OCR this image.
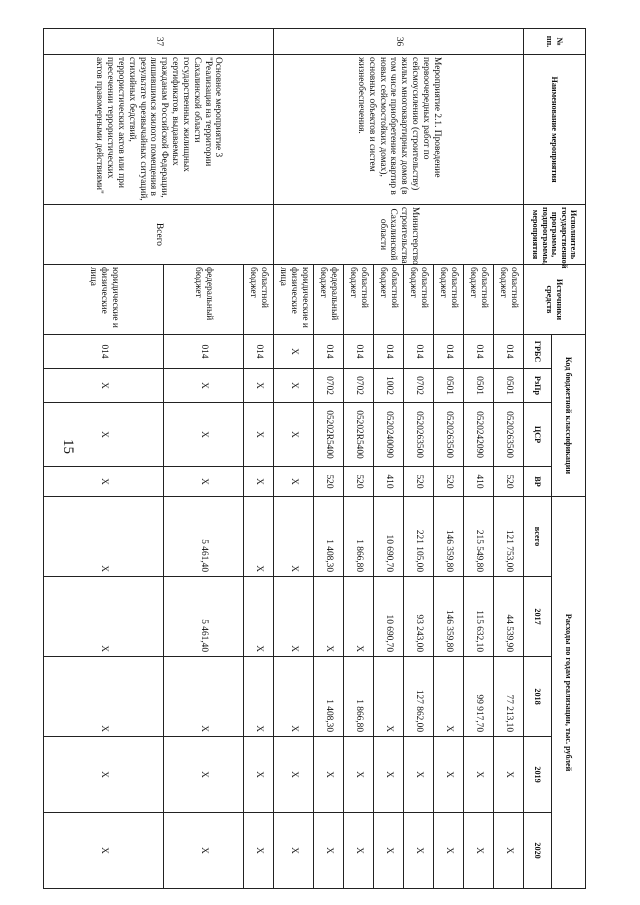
15
№ пп.	Наименование мероприятия	Исполнитель государственной программы, подпрограммы, мероприятия	Источники средств	Код бюджетной классификации				Расходы по годам реализации, тыс. рублей				
				ГРБС	РзПр	ЦСР	ВР	всего	2017	2018	2019	2020
36	Мероприятие 2.1. Проведение первоочередных работ по сейсмоусилению (строительству) жилых многоквартирных домов (в том числе приобретение квартир в новых сейсмостойких домах), основных объектов и систем жизнеобеспечения.	Министерство строительства Сахалинской области	областной бюджет	014	0501	0520263500	520	121 753,00	44 539,90	77 213,10	X	X
			областной бюджет	014	0501	0520242090	410	215 549,80	115 632,10	99 917,70	X	X
			областной бюджет	014	0501	0520263500	520	146 359,80	146 359,80	X	X	X
			областной бюджет	014	0702	0520263500	520	221 105,00	93 243,00	127 862,00	X	X
			областной бюджет	014	1002	0520240090	410	10 690,70	10 690,70	X	X	X
			областной бюджет	014	0702	05202R5400	520	1 866,80	X	1 866,80	X	X
			федеральный бюджет	014	0702	05202R5400	520	1 408,30	X	1 408,30	X	X
			юридические и физические лица	X	X	X	X	X	X	X	X	X
37	Основное мероприятие 3 "Реализация на территории Сахалинской области государственных жилищных сертификатов, выдаваемых гражданам Российской Федерации, лишившимся жилого помещения в результате чрезвычайных ситуаций, стихийных бедствий, террористических актов или при пресечении террористических актов правомерными действиями"	Всего	областной бюджет	014	X	X	X	X	X	X	X	X
			федеральный бюджет	014	X	X	X	5 461,40	5 461,40	X	X	X
			юридические и физические лица	014	X	X	X	X	X	X	X	X
